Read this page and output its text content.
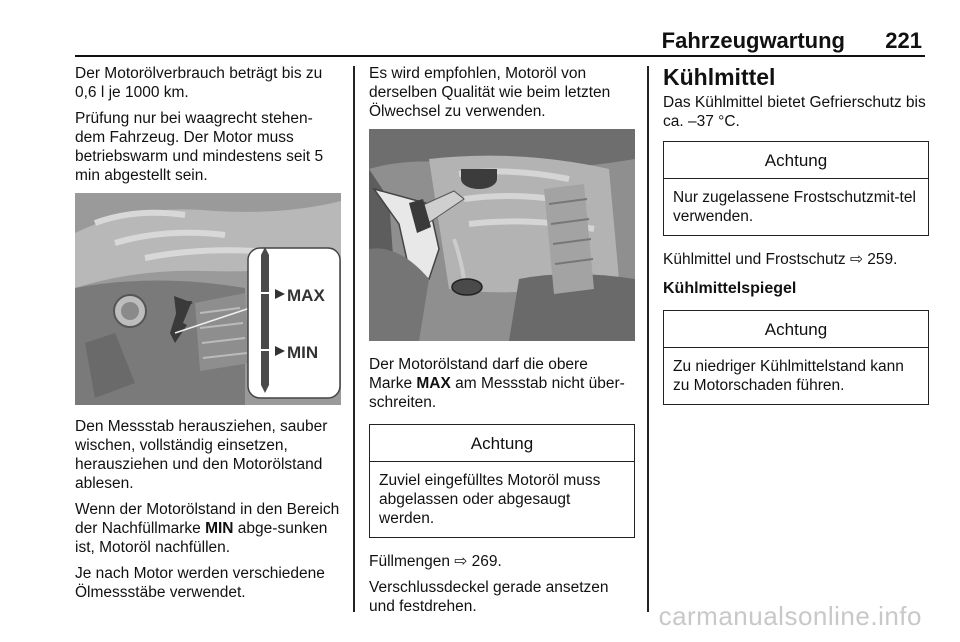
Fahrzeugwartung 221

Der Motorölverbrauch beträgt bis zu 0,6 l je 1000 km.

Prüfung nur bei waagrecht stehen-dem Fahrzeug. Der Motor muss betriebswarm und mindestens seit 5 min abgestellt sein.

MAX
MIN

Den Messstab herausziehen, sauber wischen, vollständig einsetzen, herausziehen und den Motorölstand ablesen.

Wenn der Motorölstand in den Bereich der Nachfüllmarke MIN abge-sunken ist, Motoröl nachfüllen.

Je nach Motor werden verschiedene Ölmessstäbe verwendet.

Es wird empfohlen, Motoröl von derselben Qualität wie beim letzten Ölwechsel zu verwenden.

Der Motorölstand darf die obere Marke MAX am Messstab nicht über-schreiten.

Achtung
Zuviel eingefülltes Motoröl muss abgelassen oder abgesaugt werden.

Füllmengen ⇨ 269.

Verschlussdeckel gerade ansetzen und festdrehen.

Kühlmittel

Das Kühlmittel bietet Gefrierschutz bis ca. –37 °C.

Achtung
Nur zugelassene Frostschutzmit-tel verwenden.

Kühlmittel und Frostschutz ⇨ 259.

Kühlmittelspiegel
Achtung
Zu niedriger Kühlmittelstand kann zu Motorschaden führen.
carmanualsonline.info
